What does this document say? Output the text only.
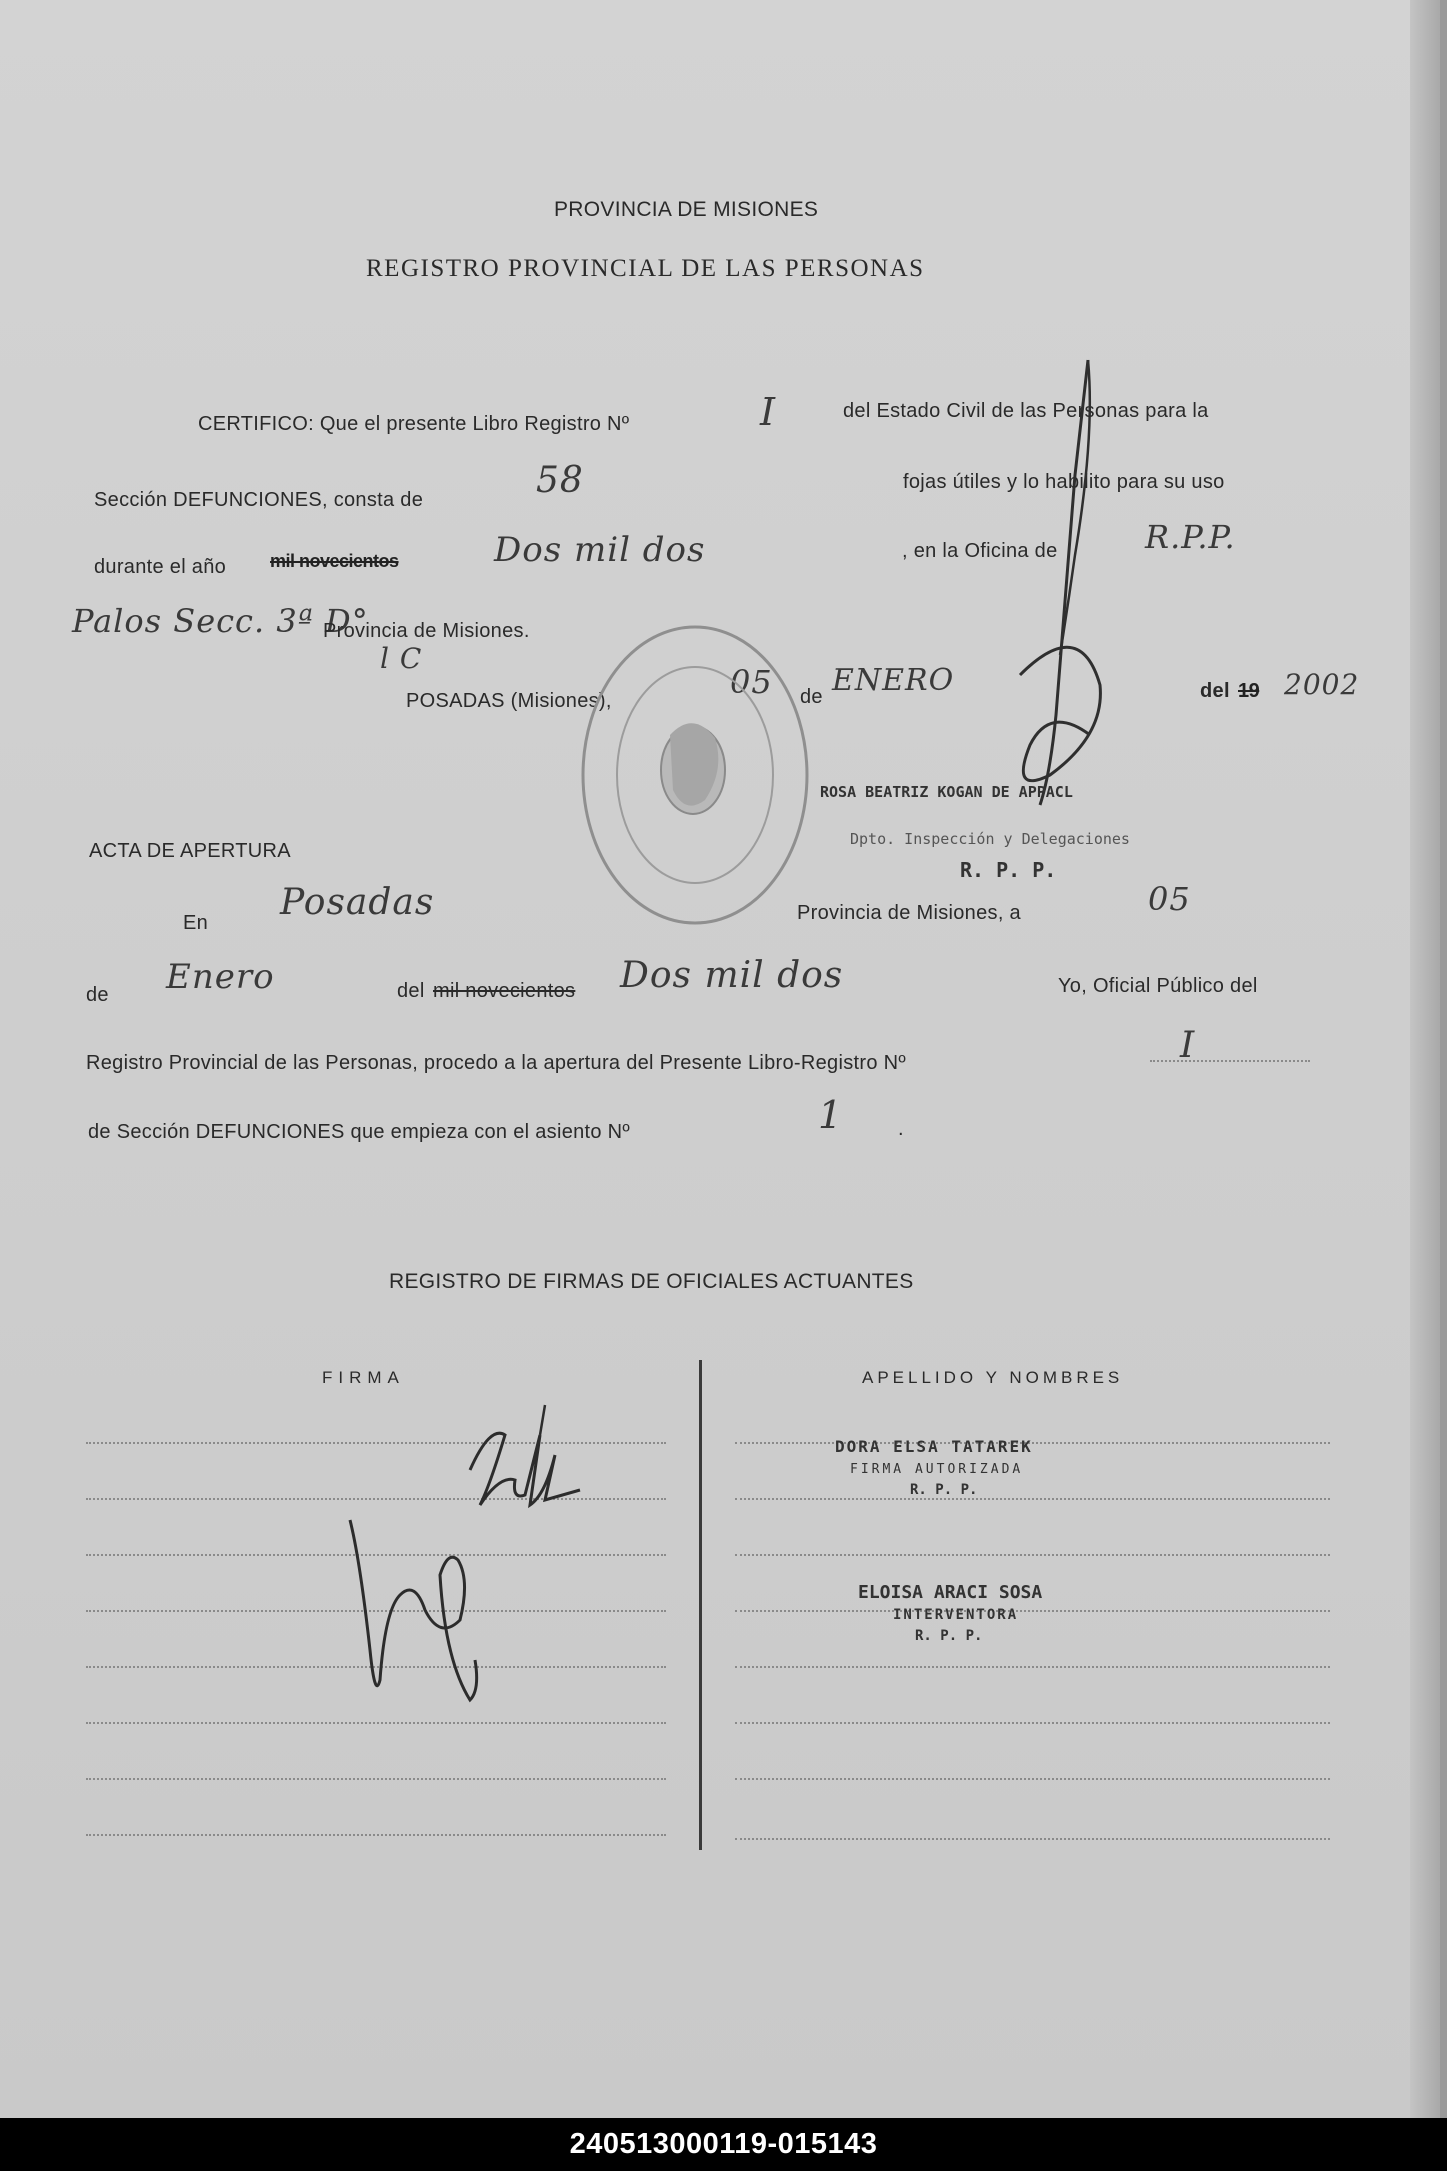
PROVINCIA DE MISIONES
REGISTRO PROVINCIAL DE LAS PERSONAS
CERTIFICO: Que el presente Libro Registro Nº	I	del Estado Civil de las Personas para la
Sección DEFUNCIONES, consta de	58	fojas útiles y lo habilito para su uso
durante el año mil novecientos	Dos mil dos	, en la Oficina de	R.P.P.
Palos Secc. 3ª D°
Provincia de Misiones.
l C
POSADAS (Misiones),	05 de ENERO	del 19 2002
ROSA BEATRIZ KOGAN DE APPACL
Dpto. Inspección y Delegaciones
R. P. P.
ACTA DE APERTURA
En Posadas	Provincia de Misiones, a	05
de Enero	del mil novecientos Dos mil dos	Yo, Oficial Público del
Registro Provincial de las Personas, procedo a la apertura del Presente Libro-Registro Nº	I
de Sección DEFUNCIONES que empieza con el asiento Nº	1	.
REGISTRO DE FIRMAS DE OFICIALES ACTUANTES
FIRMA	APELLIDO Y NOMBRES
DORA ELSA TATAREK
FIRMA AUTORIZADA
R. P. P.
ELOISA ARACI SOSA
INTERVENTORA
R. P. P.
240513000119-015143
